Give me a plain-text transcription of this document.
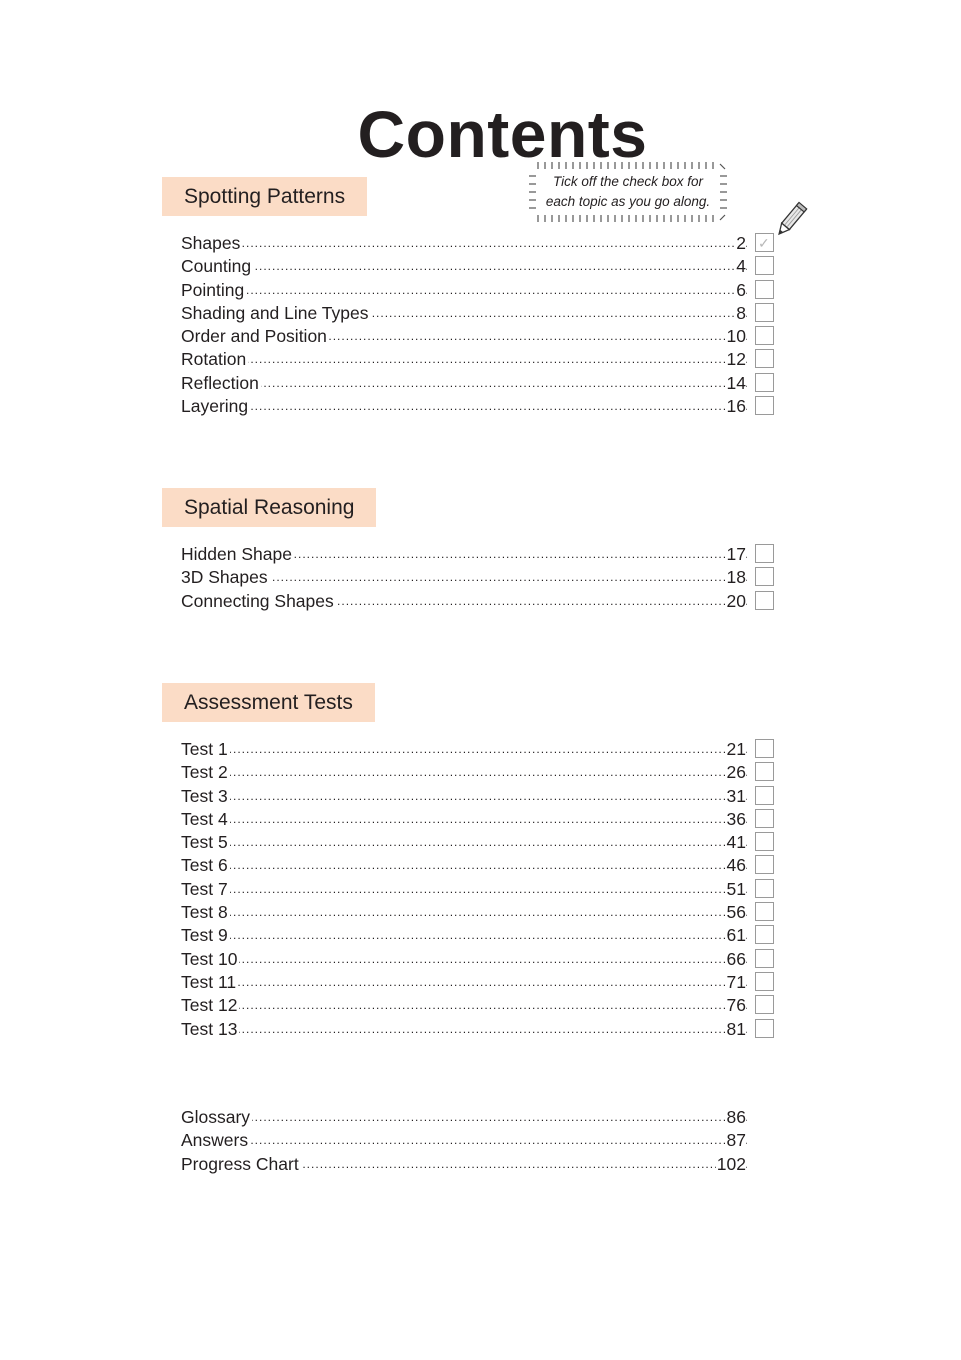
Contents
Tick off the check box for
each topic as you go along.
Spotting Patterns
Shapes .....	2 ✓
Counting .....	4
Pointing .....	6
Shading and Line Types .....	8
Order and Position .....	10
Rotation .....	12
Reflection .....	14
Layering .....	16
Spatial Reasoning
Hidden Shape .....	17
3D Shapes .....	18
Connecting Shapes .....	20
Assessment Tests
Test 1 .....	21
Test 2 .....	26
Test 3 .....	31
Test 4 .....	36
Test 5 .....	41
Test 6 .....	46
Test 7 .....	51
Test 8 .....	56
Test 9 .....	61
Test 10 .....	66
Test 11 .....	71
Test 12 .....	76
Test 13 .....	81
Glossary .....	86
Answers .....	87
Progress Chart .....	102
